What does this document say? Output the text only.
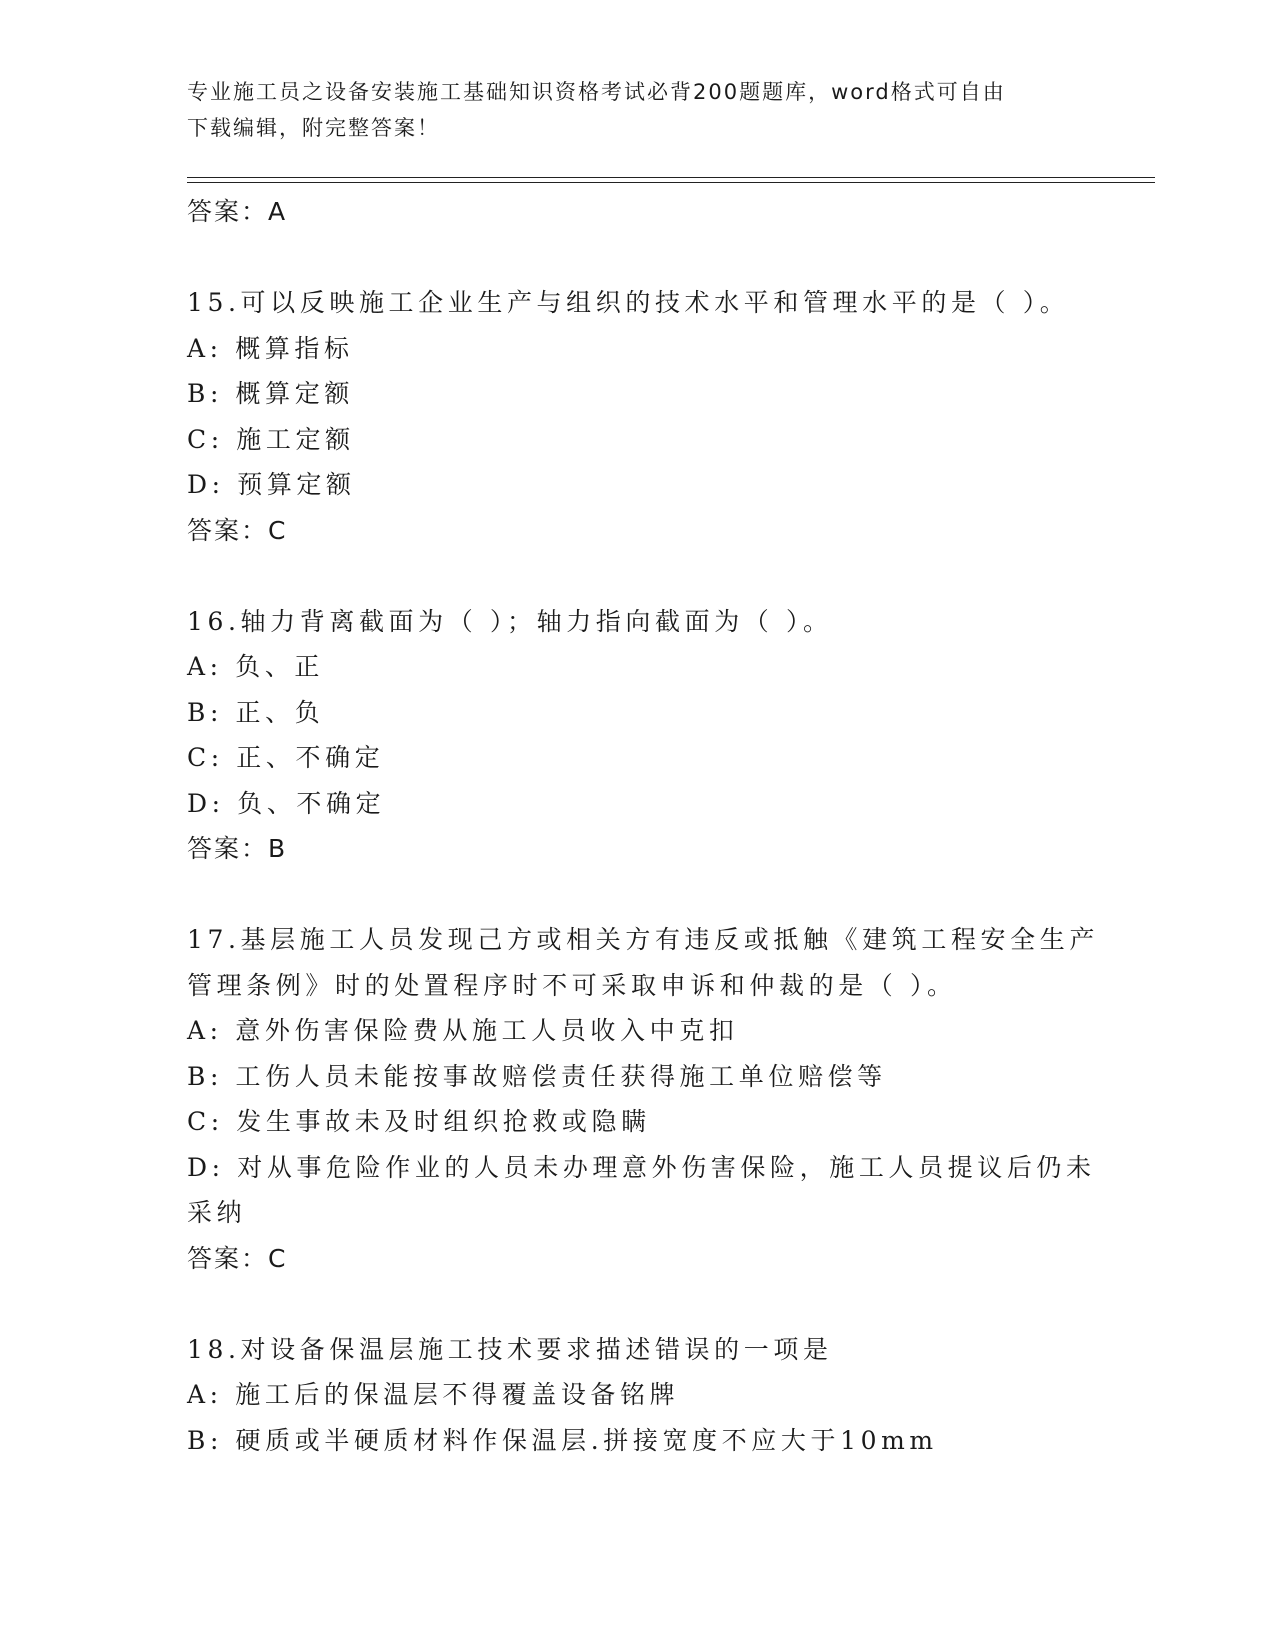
专业施工员之设备安装施工基础知识资格考试必背200题题库，word格式可自由
下载编辑，附完整答案！
答案：A
15.可以反映施工企业生产与组织的技术水平和管理水平的是（ ）。
A: 概算指标
B: 概算定额
C: 施工定额
D: 预算定额
答案：C
16.轴力背离截面为（ ）；轴力指向截面为（ ）。
A: 负、正
B: 正、负
C: 正、不确定
D: 负、不确定
答案：B
17.基层施工人员发现己方或相关方有违反或抵触《建筑工程安全生产
管理条例》时的处置程序时不可采取申诉和仲裁的是（ ）。
A: 意外伤害保险费从施工人员收入中克扣
B: 工伤人员未能按事故赔偿责任获得施工单位赔偿等
C: 发生事故未及时组织抢救或隐瞒
D: 对从事危险作业的人员未办理意外伤害保险，施工人员提议后仍未
采纳
答案：C
18.对设备保温层施工技术要求描述错误的一项是
A: 施工后的保温层不得覆盖设备铭牌
B: 硬质或半硬质材料作保温层.拼接宽度不应大于10mm
